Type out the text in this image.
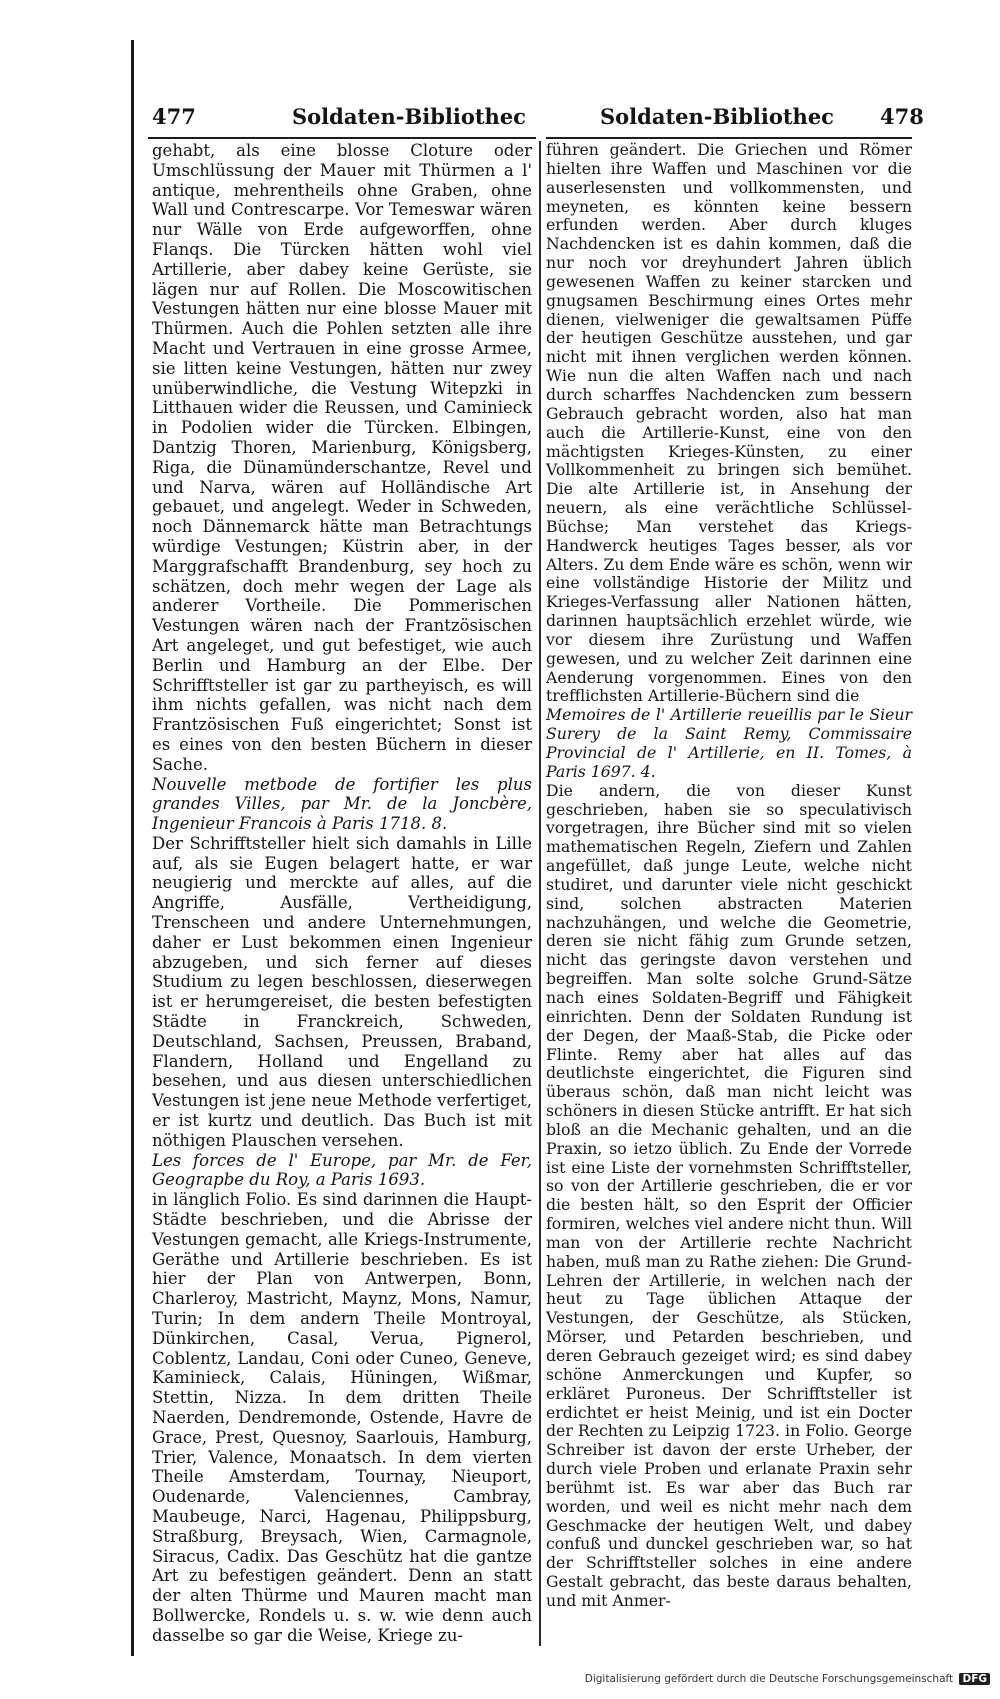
477	Soldaten-Bibliothec	Soldaten-Bibliothec 478

gehabt, als eine blosse Cloture oder Umschlüssung der Mauer mit Thürmen a l' antique, mehrentheils ohne Graben, ohne Wall und Contrescarpe. Vor Temeswar wären nur Wälle von Erde aufgeworffen, ohne Flanqs. Die Türcken hätten wohl viel Artillerie, aber dabey keine Gerüste, sie lägen nur auf Rollen. Die Moscowitischen Vestungen hätten nur eine blosse Mauer mit Thürmen. Auch die Pohlen setzten alle ihre Macht und Vertrauen in eine grosse Armee, sie litten keine Vestungen, hätten nur zwey unüberwindliche, die Vestung Witepzki in Litthauen wider die Reussen, und Caminieck in Podolien wider die Türcken. Elbingen, Dantzig Thoren, Marienburg, Königsberg, Riga, die Dünamünderschantze, Revel und und Narva, wären auf Holländische Art gebauet, und angelegt. Weder in Schweden, noch Dännemarck hätte man Betrachtungs würdige Vestungen; Küstrin aber, in der Marggrafschafft Brandenburg, sey hoch zu schätzen, doch mehr wegen der Lage als anderer Vortheile. Die Pommerischen Vestungen wären nach der Frantzösischen Art angeleget, und gut befestiget, wie auch Berlin und Hamburg an der Elbe. Der Schrifftsteller ist gar zu partheyisch, es will ihm nichts gefallen, was nicht nach dem Frantzösischen Fuß eingerichtet; Sonst ist es eines von den besten Büchern in dieser Sache.

Nouvelle metbode de fortifier les plus grandes Villes, par Mr. de la Joncbère, Ingenieur Francois à Paris 1718. 8.

Der Schrifftsteller hielt sich damahls in Lille auf, als sie Eugen belagert hatte, er war neugierig und merckte auf alles, auf die Angriffe, Ausfälle, Vertheidigung, Trenscheen und andere Unternehmungen, daher er Lust bekommen einen Ingenieur abzugeben, und sich ferner auf dieses Studium zu legen beschlossen, dieserwegen ist er herumgereiset, die besten befestigten Städte in Franckreich, Schweden, Deutschland, Sachsen, Preussen, Braband, Flandern, Holland und Engelland zu besehen, und aus diesen unterschiedlichen Vestungen ist jene neue Methode verfertiget, er ist kurtz und deutlich. Das Buch ist mit nöthigen Plauschen versehen.

Les forces de l' Europe, par Mr. de Fer, Geograpbe du Roy, a Paris 1693.

in länglich Folio. Es sind darinnen die Haupt-Städte beschrieben, und die Abrisse der Vestungen gemacht, alle Kriegs-Instrumente, Geräthe und Artillerie beschrieben. Es ist hier der Plan von Antwerpen, Bonn, Charleroy, Mastricht, Maynz, Mons, Namur, Turin; In dem andern Theile Montroyal, Dünkirchen, Casal, Verua, Pignerol, Coblentz, Landau, Coni oder Cuneo, Geneve, Kaminieck, Calais, Hüningen, Wißmar, Stettin, Nizza. In dem dritten Theile Naerden, Dendremonde, Ostende, Havre de Grace, Prest, Quesnoy, Saarlouis, Hamburg, Trier, Valence, Monaatsch. In dem vierten Theile Amsterdam, Tournay, Nieuport, Oudenarde, Valenciennes, Cambray, Maubeuge, Narci, Hagenau, Philippsburg, Straßburg, Breysach, Wien, Carmagnole, Siracus, Cadix. Das Geschütz hat die gantze Art zu befestigen geändert. Denn an statt der alten Thürme und Mauren macht man Bollwercke, Rondels u. s. w. wie denn auch dasselbe so gar die Weise, Kriege zu-

führen geändert. Die Griechen und Römer hielten ihre Waffen und Maschinen vor die auserlesensten und vollkommensten, und meyneten, es könnten keine bessern erfunden werden. Aber durch kluges Nachdencken ist es dahin kommen, daß die nur noch vor dreyhundert Jahren üblich gewesenen Waffen zu keiner starcken und gnugsamen Beschirmung eines Ortes mehr dienen, vielweniger die gewaltsamen Püffe der heutigen Geschütze ausstehen, und gar nicht mit ihnen verglichen werden können. Wie nun die alten Waffen nach und nach durch scharffes Nachdencken zum bessern Gebrauch gebracht worden, also hat man auch die Artillerie-Kunst, eine von den mächtigsten Krieges-Künsten, zu einer Vollkommenheit zu bringen sich bemühet. Die alte Artillerie ist, in Ansehung der neuern, als eine verächtliche Schlüssel-Büchse; Man verstehet das Kriegs-Handwerck heutiges Tages besser, als vor Alters. Zu dem Ende wäre es schön, wenn wir eine vollständige Historie der Militz und Krieges-Verfassung aller Nationen hätten, darinnen hauptsächlich erzehlet würde, wie vor diesem ihre Zurüstung und Waffen gewesen, und zu welcher Zeit darinnen eine Aenderung vorgenommen. Eines von den trefflichsten Artillerie-Büchern sind die

Memoires de l' Artillerie reueillis par le Sieur Surery de la Saint Remy, Commissaire Provincial de l' Artillerie, en II. Tomes, à Paris 1697. 4.

Die andern, die von dieser Kunst geschrieben, haben sie so speculativisch vorgetragen, ihre Bücher sind mit so vielen mathematischen Regeln, Ziefern und Zahlen angefüllet, daß junge Leute, welche nicht studiret, und darunter viele nicht geschickt sind, solchen abstracten Materien nachzuhängen, und welche die Geometrie, deren sie nicht fähig zum Grunde setzen, nicht das geringste davon verstehen und begreiffen. Man solte solche Grund-Sätze nach eines Soldaten-Begriff und Fähigkeit einrichten. Denn der Soldaten Rundung ist der Degen, der Maaß-Stab, die Picke oder Flinte. Remy aber hat alles auf das deutlichste eingerichtet, die Figuren sind überaus schön, daß man nicht leicht was schöners in diesen Stücke antrifft. Er hat sich bloß an die Mechanic gehalten, und an die Praxin, so ietzo üblich. Zu Ende der Vorrede ist eine Liste der vornehmsten Schrifftsteller, so von der Artillerie geschrieben, die er vor die besten hält, so den Esprit der Officier formiren, welches viel andere nicht thun. Will man von der Artillerie rechte Nachricht haben, muß man zu Rathe ziehen: Die Grund-Lehren der Artillerie, in welchen nach der heut zu Tage üblichen Attaque der Vestungen, der Geschütze, als Stücken, Mörser, und Petarden beschrieben, und deren Gebrauch gezeiget wird; es sind dabey schöne Anmerckungen und Kupfer, so erkläret Puroneus. Der Schrifftsteller ist erdichtet er heist Meinig, und ist ein Docter der Rechten zu Leipzig 1723. in Folio. George Schreiber ist davon der erste Urheber, der durch viele Proben und erlanate Praxin sehr berühmt ist. Es war aber das Buch rar worden, und weil es nicht mehr nach dem Geschmacke der heutigen Welt, und dabey confuß und dunckel geschrieben war, so hat der Schrifftsteller solches in eine andere Gestalt gebracht, das beste daraus behalten, und mit Anmer-

Digitalisierung gefördert durch die Deutsche Forschungsgemeinschaft DFG
